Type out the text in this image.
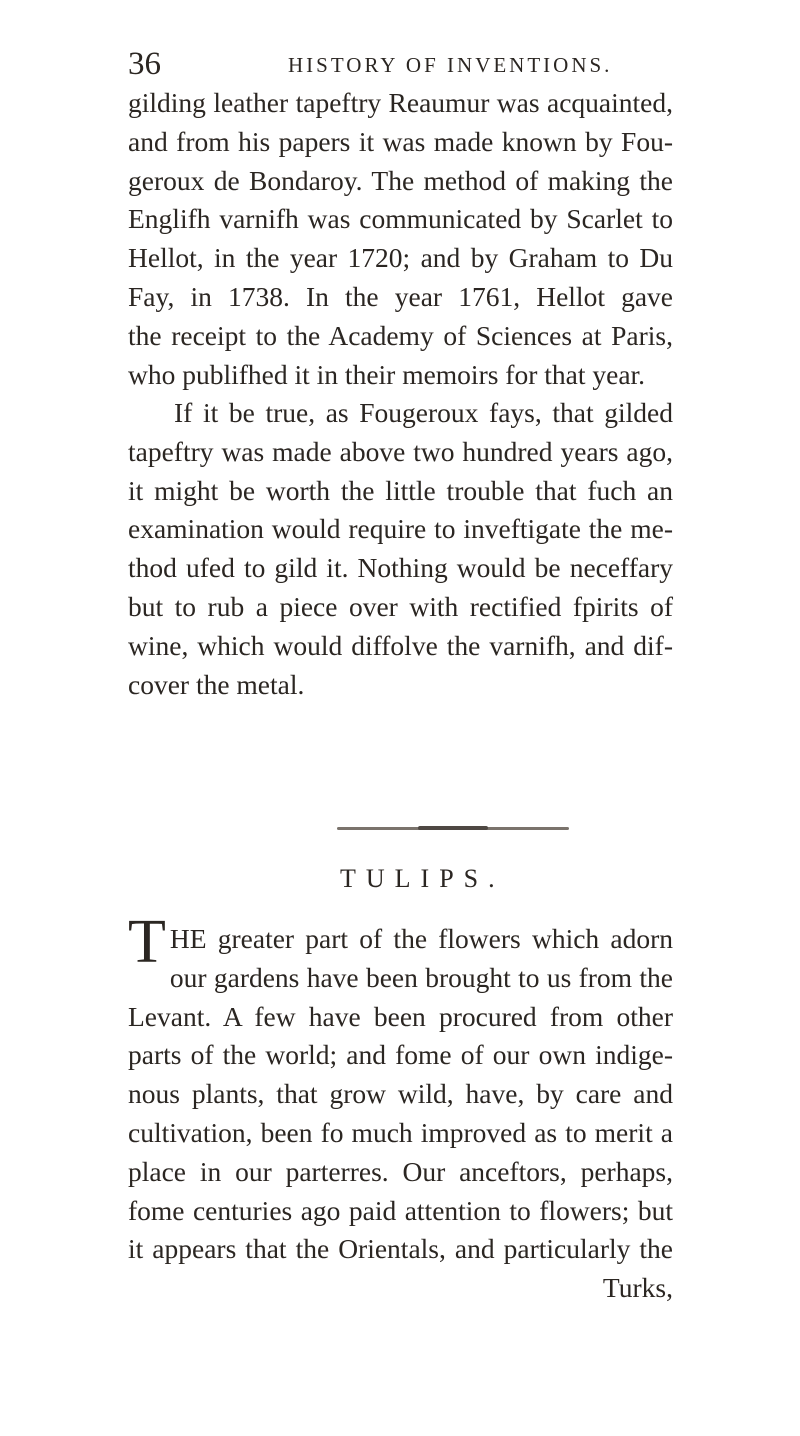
36	HISTORY OF INVENTIONS.

gilding leather tapeftry Reaumur was acquainted,
and from his papers it was made known by Fou-
geroux de Bondaroy. The method of making the
Englifh varnifh was communicated by Scarlet to
Hellot, in the year 1720; and by Graham to Du
Fay, in 1738. In the year 1761, Hellot gave
the receipt to the Academy of Sciences at Paris,
who publifhed it in their memoirs for that year.

If it be true, as Fougeroux fays, that gilded
tapeftry was made above two hundred years ago,
it might be worth the little trouble that fuch an
examination would require to inveftigate the me-
thod ufed to gild it. Nothing would be neceffary
but to rub a piece over with rectified fpirits of
wine, which would diffolve the varnifh, and dif-
cover the metal.

TULIPS.

T HE greater part of the flowers which adorn
our gardens have been brought to us from the
Levant. A few have been procured from other
parts of the world; and fome of our own indige-
nous plants, that grow wild, have, by care and
cultivation, been fo much improved as to merit a
place in our parterres. Our anceftors, perhaps,
fome centuries ago paid attention to flowers; but
it appears that the Orientals, and particularly the
Turks,
